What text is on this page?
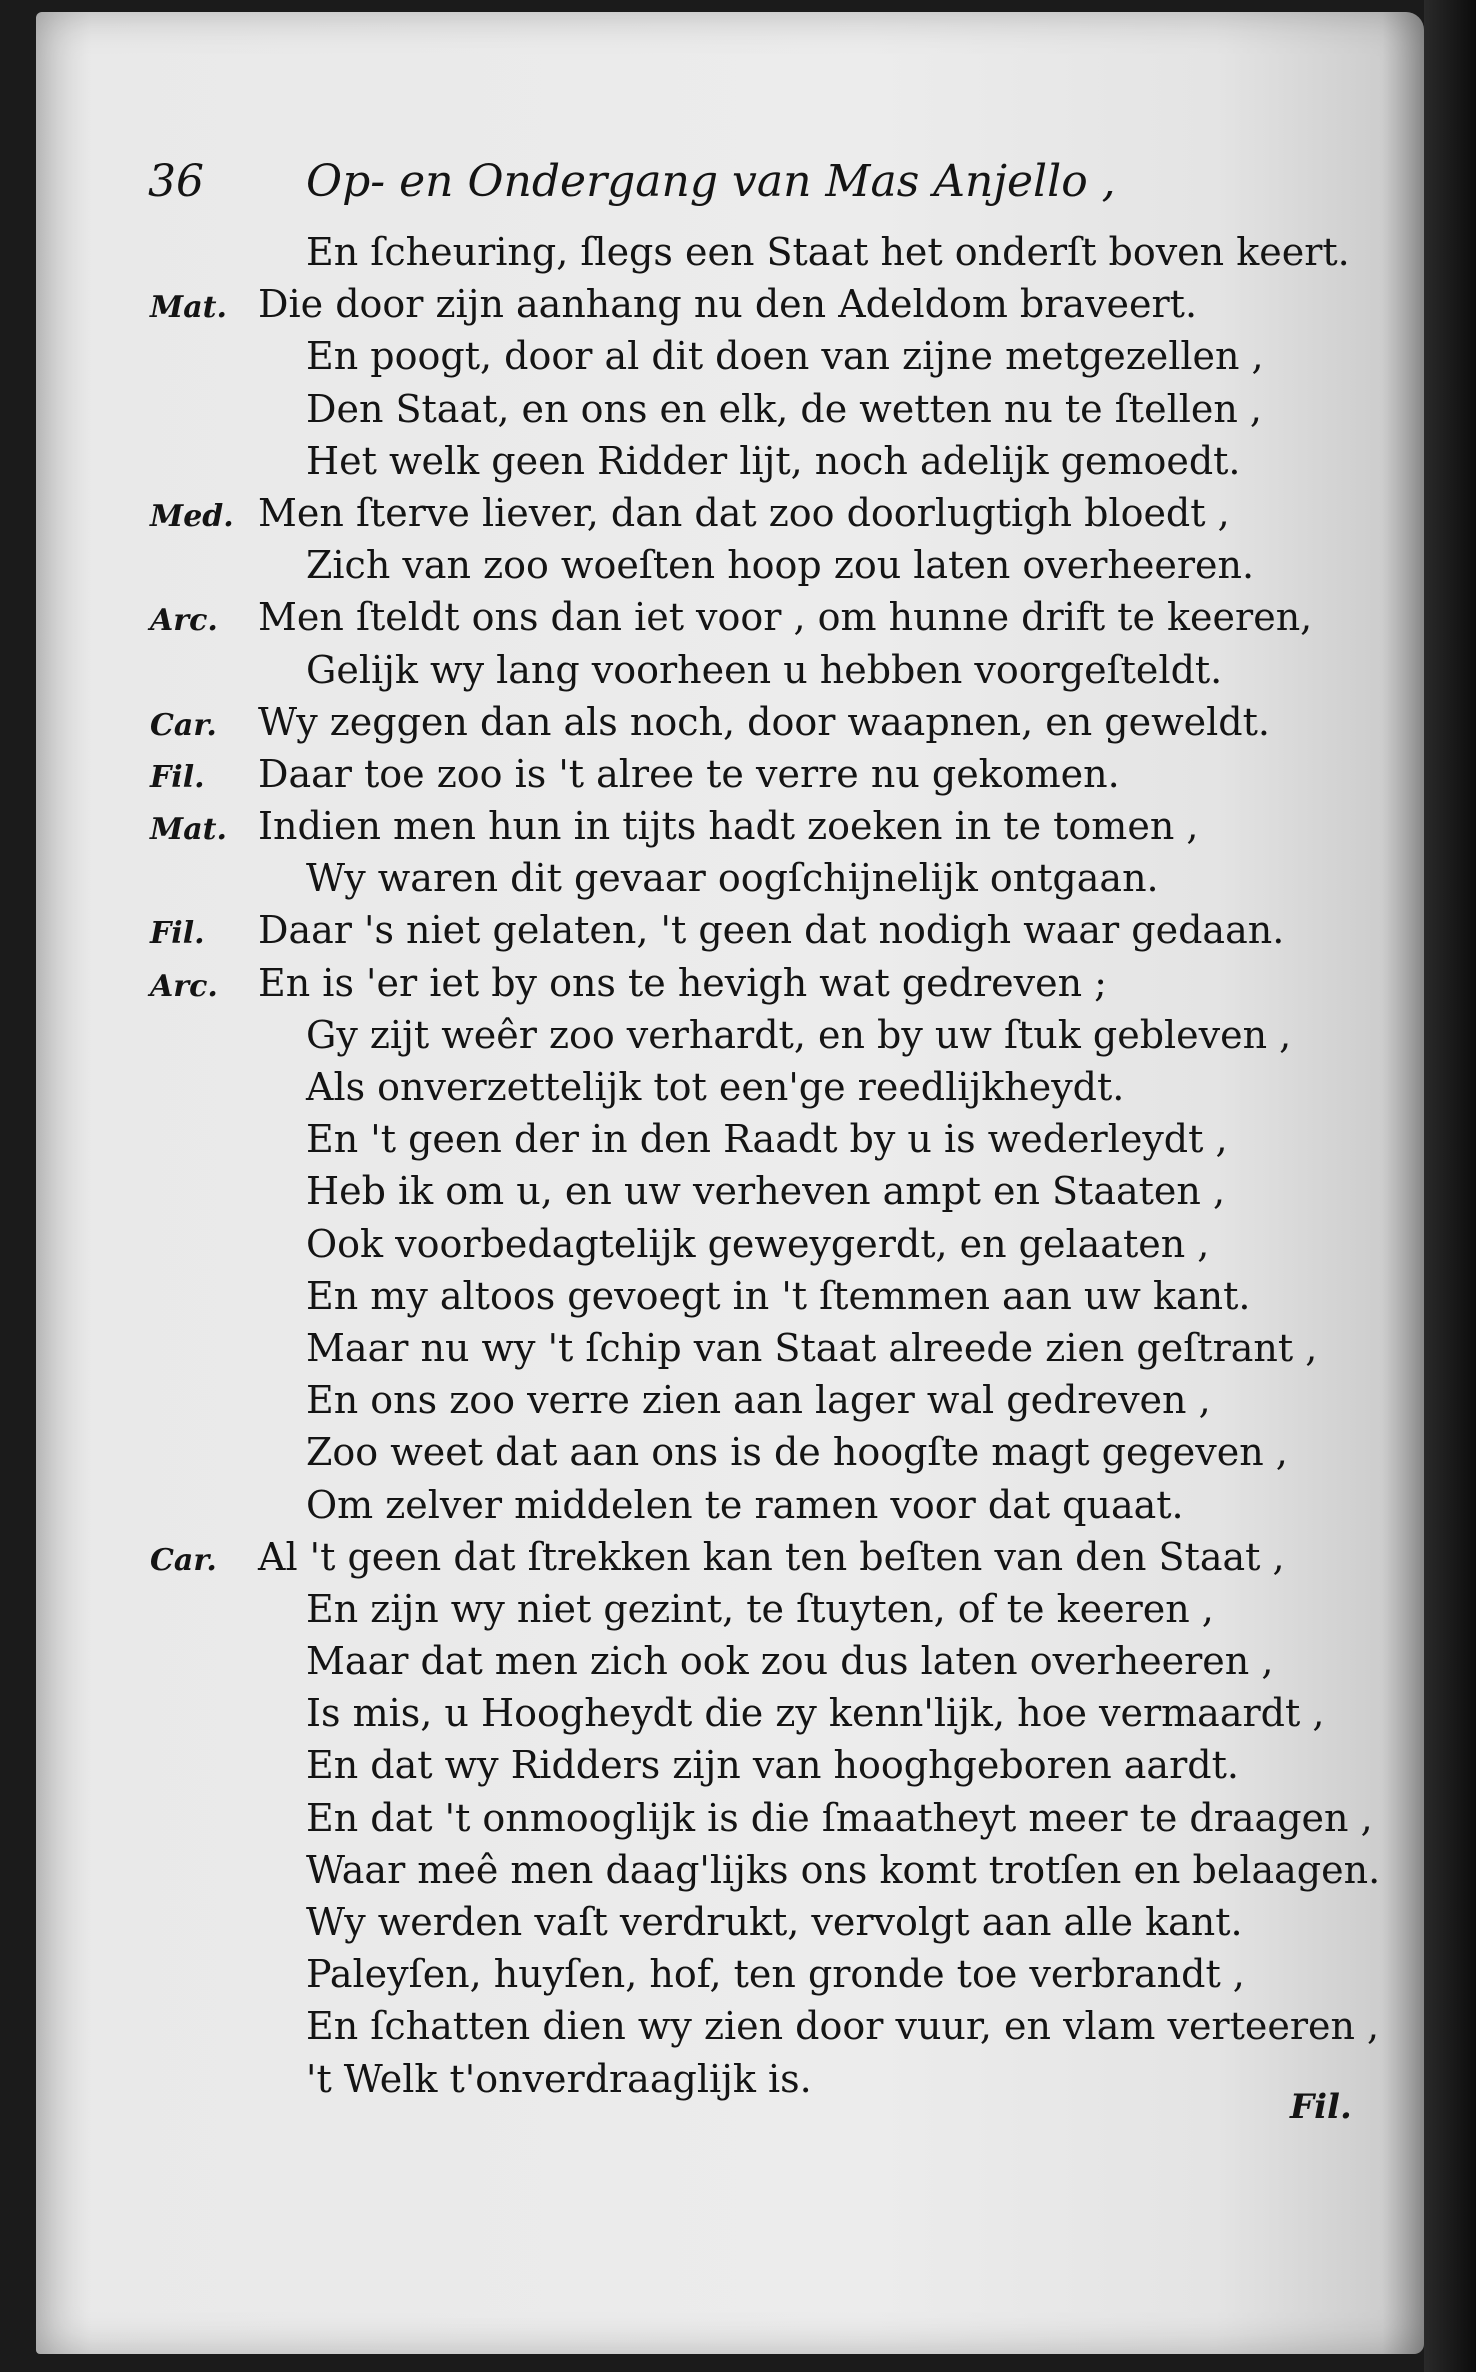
36 Op- en Ondergang van Mas Anjello ,
En ſcheuring, ſlegs een Staat het onderſt boven keert.
Mat. Die door zijn aanhang nu den Adeldom braveert.
En poogt, door al dit doen van zijne metgezellen ,
Den Staat, en ons en elk, de wetten nu te ſtellen ,
Het welk geen Ridder lijt, noch adelijk gemoedt.
Med. Men ſterve liever, dan dat zoo doorlugtigh bloedt ,
Zich van zoo woeſten hoop zou laten overheeren.
Arc. Men ſteldt ons dan iet voor , om hunne drift te keeren,
Gelijk wy lang voorheen u hebben voorgeſteldt.
Car. Wy zeggen dan als noch, door waapnen, en geweldt.
Fil. Daar toe zoo is 't alree te verre nu gekomen.
Mat. Indien men hun in tijts hadt zoeken in te tomen ,
Wy waren dit gevaar oogſchijnelijk ontgaan.
Fil. Daar 's niet gelaten, 't geen dat nodigh waar gedaan.
Arc. En is 'er iet by ons te hevigh wat gedreven ;
Gy zijt weêr zoo verhardt, en by uw ſtuk gebleven ,
Als onverzettelijk tot een'ge reedlijkheydt.
En 't geen der in den Raadt by u is wederleydt ,
Heb ik om u, en uw verheven ampt en Staaten ,
Ook voorbedagtelijk geweygerdt, en gelaaten ,
En my altoos gevoegt in 't ſtemmen aan uw kant.
Maar nu wy 't ſchip van Staat alreede zien geſtrant ,
En ons zoo verre zien aan lager wal gedreven ,
Zoo weet dat aan ons is de hoogſte magt gegeven ,
Om zelver middelen te ramen voor dat quaat.
Car. Al 't geen dat ſtrekken kan ten beſten van den Staat ,
En zijn wy niet gezint, te ſtuyten, of te keeren ,
Maar dat men zich ook zou dus laten overheeren ,
Is mis, u Hoogheydt die zy kenn'lijk, hoe vermaardt ,
En dat wy Ridders zijn van hooghgeboren aardt.
En dat 't onmooglijk is die ſmaatheyt meer te draagen ,
Waar meê men daag'lijks ons komt trotſen en belaagen.
Wy werden vaſt verdrukt, vervolgt aan alle kant.
Paleyſen, huyſen, hof, ten gronde toe verbrandt ,
En ſchatten dien wy zien door vuur, en vlam verteeren ,
't Welk t'onverdraaglijk is.
Fil.
